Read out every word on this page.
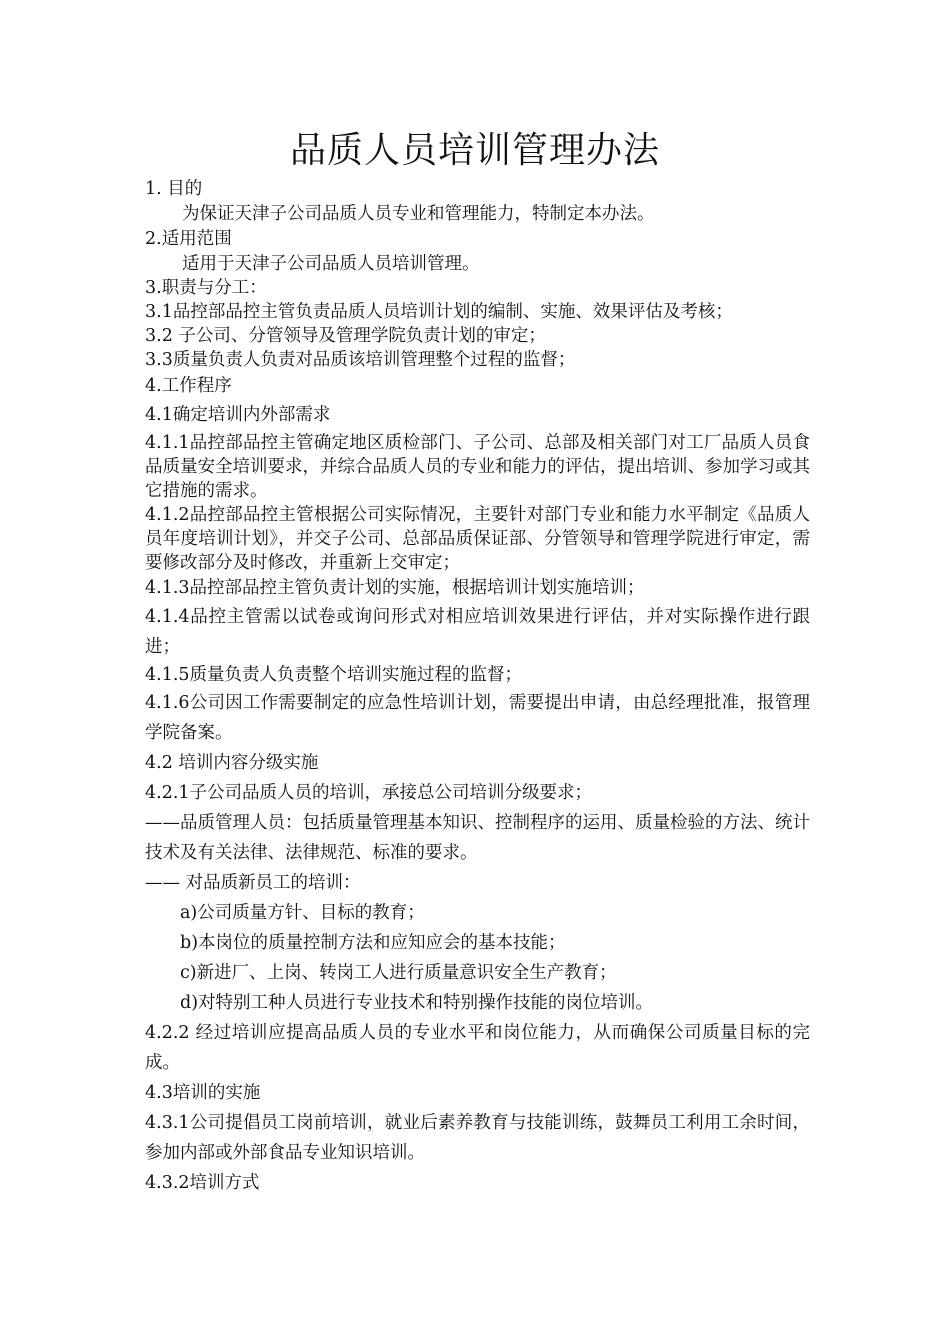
品质人员培训管理办法
1. 目的
为保证天津子公司品质人员专业和管理能力，特制定本办法。
2.适用范围
适用于天津子公司品质人员培训管理。
3.职责与分工：
3.1品控部品控主管负责品质人员培训计划的编制、实施、效果评估及考核；
3.2 子公司、分管领导及管理学院负责计划的审定；
3.3质量负责人负责对品质该培训管理整个过程的监督；
4.工作程序
4.1确定培训内外部需求
4.1.1品控部品控主管确定地区质检部门、子公司、总部及相关部门对工厂品质人员食品质量安全培训要求，并综合品质人员的专业和能力的评估，提出培训、参加学习或其它措施的需求。
4.1.2品控部品控主管根据公司实际情况，主要针对部门专业和能力水平制定《品质人员年度培训计划》，并交子公司、总部品质保证部、分管领导和管理学院进行审定，需要修改部分及时修改，并重新上交审定；
4.1.3品控部品控主管负责计划的实施，根据培训计划实施培训；
4.1.4品控主管需以试卷或询问形式对相应培训效果进行评估，并对实际操作进行跟进；
4.1.5质量负责人负责整个培训实施过程的监督；
4.1.6公司因工作需要制定的应急性培训计划，需要提出申请，由总经理批准，报管理学院备案。
4.2 培训内容分级实施
4.2.1子公司品质人员的培训，承接总公司培训分级要求；
——品质管理人员：包括质量管理基本知识、控制程序的运用、质量检验的方法、统计技术及有关法律、法律规范、标准的要求。
—— 对品质新员工的培训：
a)公司质量方针、目标的教育；
b)本岗位的质量控制方法和应知应会的基本技能；
c)新进厂、上岗、转岗工人进行质量意识安全生产教育；
d)对特别工种人员进行专业技术和特别操作技能的岗位培训。
4.2.2 经过培训应提高品质人员的专业水平和岗位能力，从而确保公司质量目标的完成。
4.3培训的实施
4.3.1公司提倡员工岗前培训，就业后素养教育与技能训练，鼓舞员工利用工余时间，参加内部或外部食品专业知识培训。
4.3.2培训方式
